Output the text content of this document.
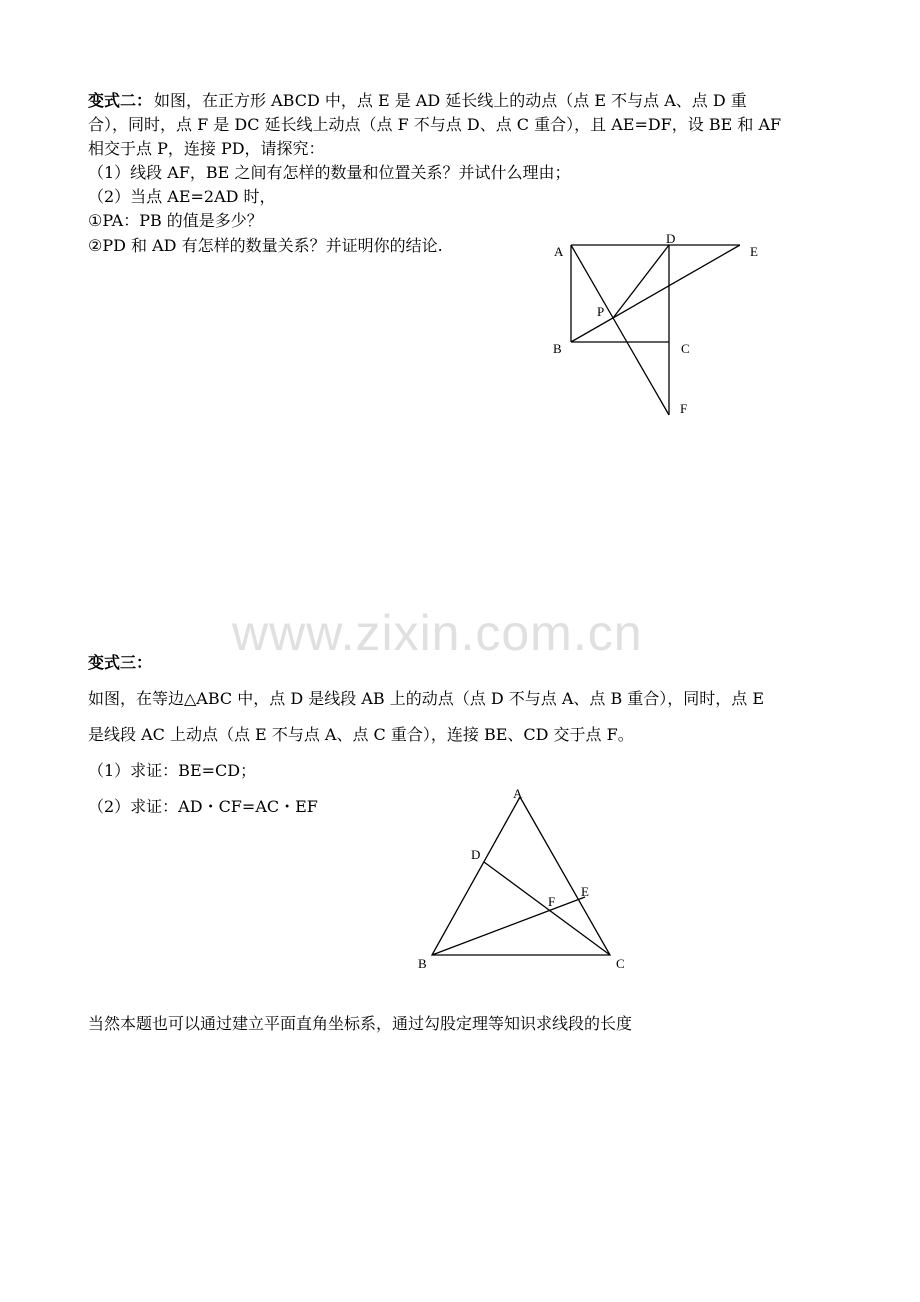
变式二： 如图，在正方形 ABCD 中，点 E 是 AD 延长线上的动点（点 E 不与点 A、点 D 重
合），同时，点 F 是 DC 延长线上动点（点 F 不与点 D、点 C 重合），且 AE=DF，设 BE 和 AF
相交于点 P，连接 PD，请探究：
（1）线段 AF，BE 之间有怎样的数量和位置关系？并试什么理由；
（2）当点 AE=2AD 时，
①PA：PB 的值是多少？
②PD 和 AD 有怎样的数量关系？并证明你的结论.	A
D
E
P
B	C
F
www.zixin.com.cn
变式三：
如图，在等边△ABC 中，点 D 是线段 AB 上的动点（点 D 不与点 A、点 B 重合），同时，点 E
是线段 AC 上动点（点 E 不与点 A、点 C 重合），连接 BE、CD 交于点 F。
（1）求证：BE=CD；
（2）求证：AD・CF=AC・EF
A
D
E
F
B	C
当然本题也可以通过建立平面直角坐标系，通过勾股定理等知识求线段的长度
